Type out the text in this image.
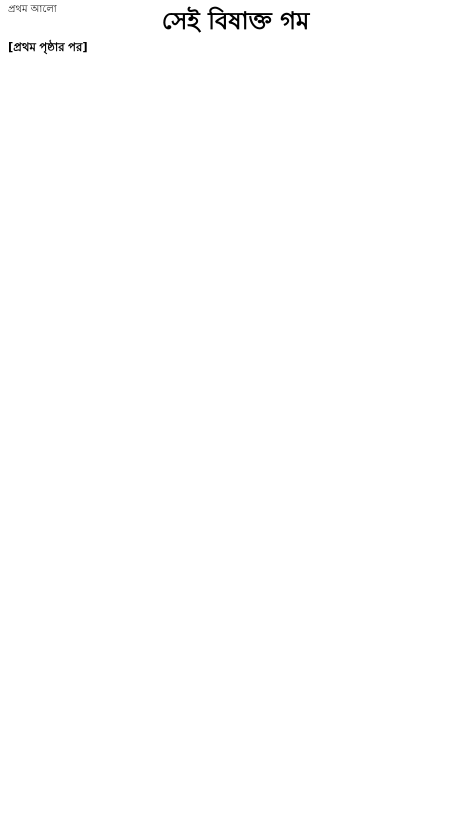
প্রথম আলো	সেই বিষাক্ত গম

[প্রথম পৃষ্ঠার পর]
